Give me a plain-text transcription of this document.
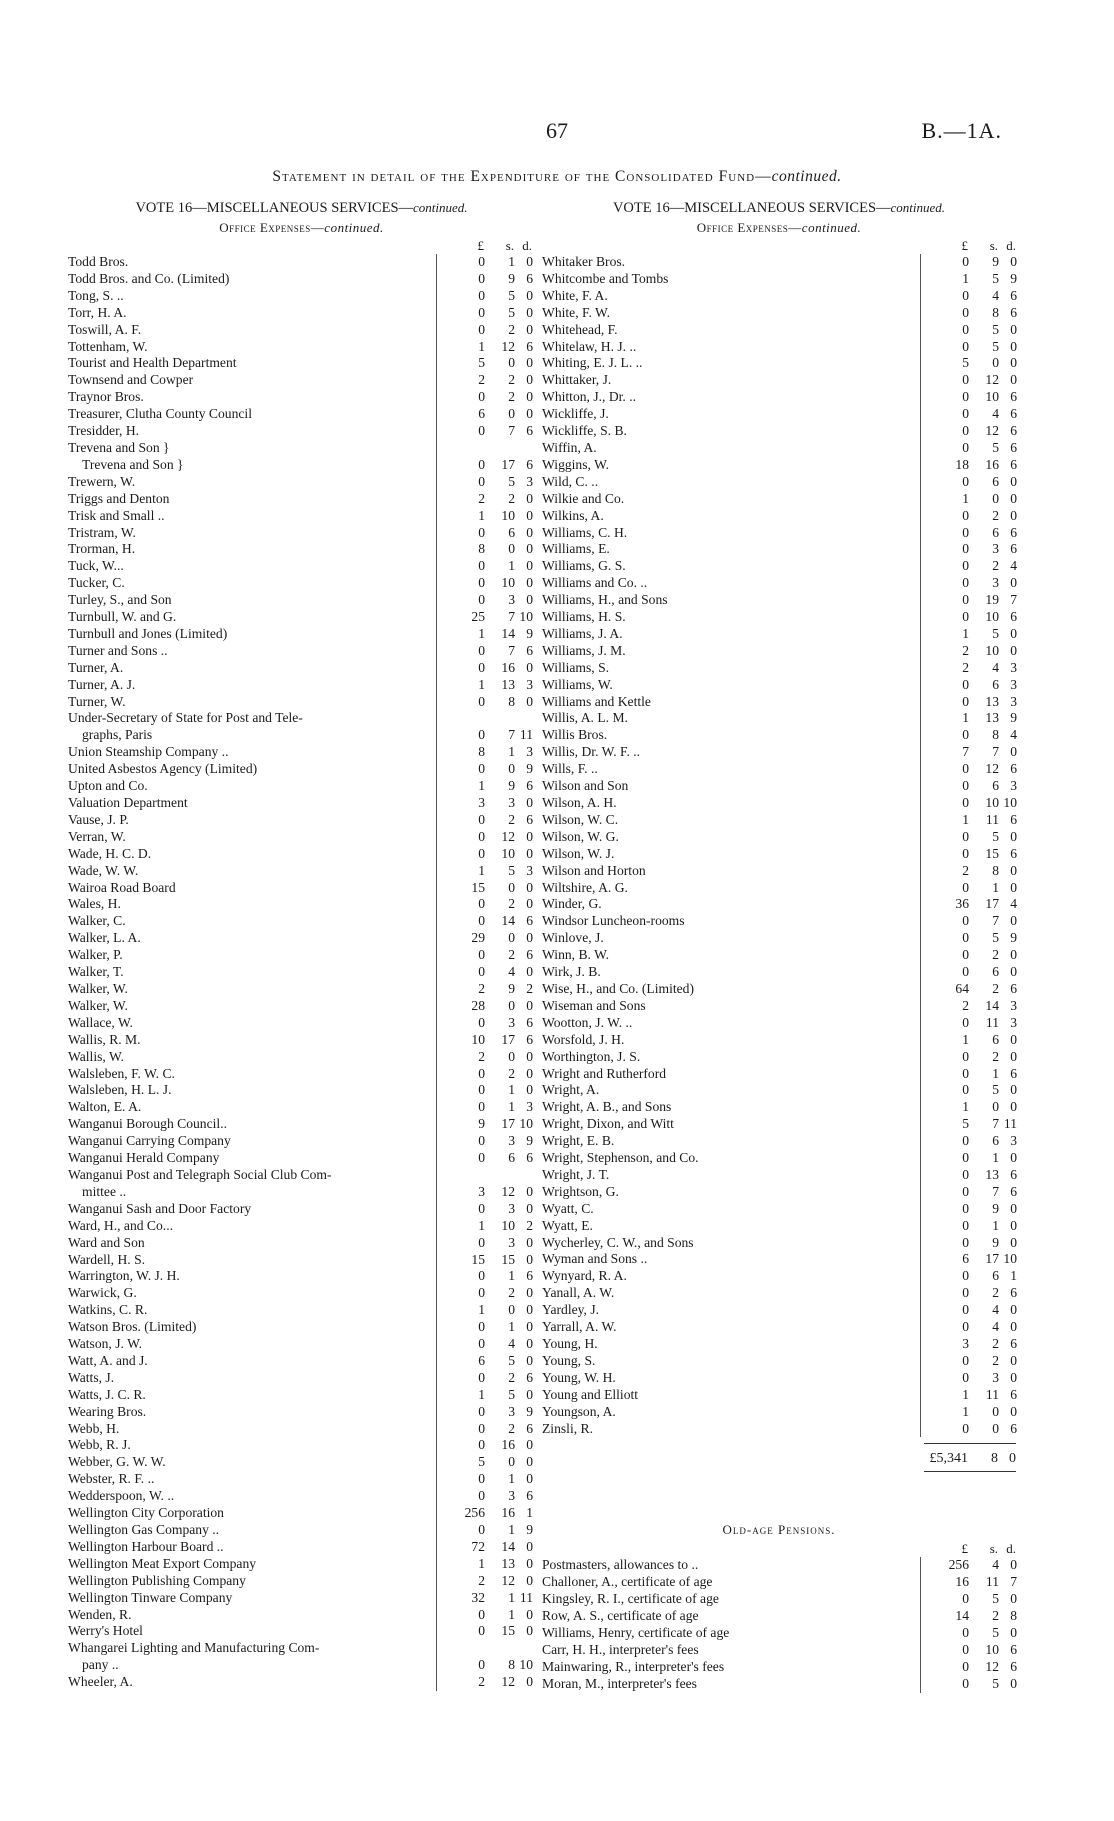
67	B.—1A.
Statement in detail of the Expenditure of the Consolidated Fund—continued.
VOTE 16—MISCELLANEOUS SERVICES—continued.
Office Expenses—continued.
£	s. d.
Todd Bros.	0	1 0
Todd Bros. and Co. (Limited)	0	9 6
Tong, S. ..	0	5 0
Torr, H. A.	0	5 0
Toswill, A. F.	0	2 0
Tottenham, W.	1	12 6
Tourist and Health Department	5	0 0
Townsend and Cowper	2	2 0
Traynor Bros.	0	2 0
Treasurer, Clutha County Council	6	0 0
Tresidder, H.	0	7 6
Trevena and Son }
Trevena and Son }	0	17 6
Trewern, W.	0	5 3
Triggs and Denton	2	2 0
Trisk and Small ..	1	10 0
Tristram, W.	0	6 0
Trorman, H.	8	0 0
Tuck, W...	0	1 0
Tucker, C.	0	10 0
Turley, S., and Son	0	3 0
Turnbull, W. and G.	25	7 10
Turnbull and Jones (Limited)	1	14 9
Turner and Sons ..	0	7 6
Turner, A.	0	16 0
Turner, A. J.	1	13 3
Turner, W.	0	8 0
Under-Secretary of State for Post and Tele-
graphs, Paris	0	7 11
Union Steamship Company ..	8	1 3
United Asbestos Agency (Limited)	0	0 9
Upton and Co.	1	9 6
Valuation Department	3	3 0
Vause, J. P.	0	2 6
Verran, W.	0	12 0
Wade, H. C. D.	0	10 0
Wade, W. W.	1	5 3
Wairoa Road Board	15	0 0
Wales, H.	0	2 0
Walker, C.	0	14 6
Walker, L. A.	29	0 0
Walker, P.	0	2 6
Walker, T.	0	4 0
Walker, W.	2	9 2
Walker, W.	28	0 0
Wallace, W.	0	3 6
Wallis, R. M.	10	17 6
Wallis, W.	2	0 0
Walsleben, F. W. C.	0	2 0
Walsleben, H. L. J.	0	1 0
Walton, E. A.	0	1 3
Wanganui Borough Council..	9	17 10
Wanganui Carrying Company	0	3 9
Wanganui Herald Company	0	6 6
Wanganui Post and Telegraph Social Club Com-
mittee ..	3	12 0
Wanganui Sash and Door Factory	0	3 0
Ward, H., and Co...	1	10 2
Ward and Son	0	3 0
Wardell, H. S.	15	15 0
Warrington, W. J. H.	0	1 6
Warwick, G.	0	2 0
Watkins, C. R.	1	0 0
Watson Bros. (Limited)	0	1 0
Watson, J. W.	0	4 0
Watt, A. and J.	6	5 0
Watts, J.	0	2 6
Watts, J. C. R.	1	5 0
Wearing Bros.	0	3 9
Webb, H.	0	2 6
Webb, R. J.	0	16 0
Webber, G. W. W.	5	0 0
Webster, R. F. ..	0	1 0
Wedderspoon, W. ..	0	3 6
Wellington City Corporation	256	16 1
Wellington Gas Company ..	0	1 9
Wellington Harbour Board ..	72	14 0
Wellington Meat Export Company	1	13 0
Wellington Publishing Company	2	12 0
Wellington Tinware Company	32	1 11
Wenden, R.	0	1 0
Werry's Hotel	0	15 0
Whangarei Lighting and Manufacturing Com-
pany ..	0	8 10
Wheeler, A.	2	12 0
VOTE 16—MISCELLANEOUS SERVICES—continued.
Office Expenses—continued.
£	s. d.
Whitaker Bros.	0	9 0
Whitcombe and Tombs	1	5 9
White, F. A.	0	4 6
White, F. W.	0	8 6
Whitehead, F.	0	5 0
Whitelaw, H. J. ..	0	5 0
Whiting, E. J. L. ..	5	0 0
Whittaker, J.	0	12 0
Whitton, J., Dr. ..	0	10 6
Wickliffe, J.	0	4 6
Wickliffe, S. B.	0	12 6
Wiffin, A.	0	5 6
Wiggins, W.	18	16 6
Wild, C. ..	0	6 0
Wilkie and Co.	1	0 0
Wilkins, A.	0	2 0
Williams, C. H.	0	6 6
Williams, E.	0	3 6
Williams, G. S.	0	2 4
Williams and Co. ..	0	3 0
Williams, H., and Sons	0	19 7
Williams, H. S.	0	10 6
Williams, J. A.	1	5 0
Williams, J. M.	2	10 0
Williams, S.	2	4 3
Williams, W.	0	6 3
Williams and Kettle	0	13 3
Willis, A. L. M.	1	13 9
Willis Bros.	0	8 4
Willis, Dr. W. F. ..	7	7 0
Wills, F. ..	0	12 6
Wilson and Son	0	6 3
Wilson, A. H.	0	10 10
Wilson, W. C.	1	11 6
Wilson, W. G.	0	5 0
Wilson, W. J.	0	15 6
Wilson and Horton	2	8 0
Wiltshire, A. G.	0	1 0
Winder, G.	36	17 4
Windsor Luncheon-rooms	0	7 0
Winlove, J.	0	5 9
Winn, B. W.	0	2 0
Wirk, J. B.	0	6 0
Wise, H., and Co. (Limited)	64	2 6
Wiseman and Sons	2	14 3
Wootton, J. W. ..	0	11 3
Worsfold, J. H.	1	6 0
Worthington, J. S.	0	2 0
Wright and Rutherford	0	1 6
Wright, A.	0	5 0
Wright, A. B., and Sons	1	0 0
Wright, Dixon, and Witt	5	7 11
Wright, E. B.	0	6 3
Wright, Stephenson, and Co.	0	1 0
Wright, J. T.	0	13 6
Wrightson, G.	0	7 6
Wyatt, C.	0	9 0
Wyatt, E.	0	1 0
Wycherley, C. W., and Sons	0	9 0
Wyman and Sons ..	6	17 10
Wynyard, R. A.	0	6 1
Yanall, A. W.	0	2 6
Yardley, J.	0	4 0
Yarrall, A. W.	0	4 0
Young, H.	3	2 6
Young, S.	0	2 0
Young, W. H.	0	3 0
Young and Elliott	1	11 6
Youngson, A.	1	0 0
Zinsli, R.	0	0 6
£5,341	8 0
Old-age Pensions.
£	s. d.
Postmasters, allowances to ..	256	4 0
Challoner, A., certificate of age	16	11 7
Kingsley, R. I., certificate of age	0	5 0
Row, A. S., certificate of age	14	2 8
Williams, Henry, certificate of age	0	5 0
Carr, H. H., interpreter's fees	0	10 6
Mainwaring, R., interpreter's fees	0	12 6
Moran, M., interpreter's fees	0	5 0
